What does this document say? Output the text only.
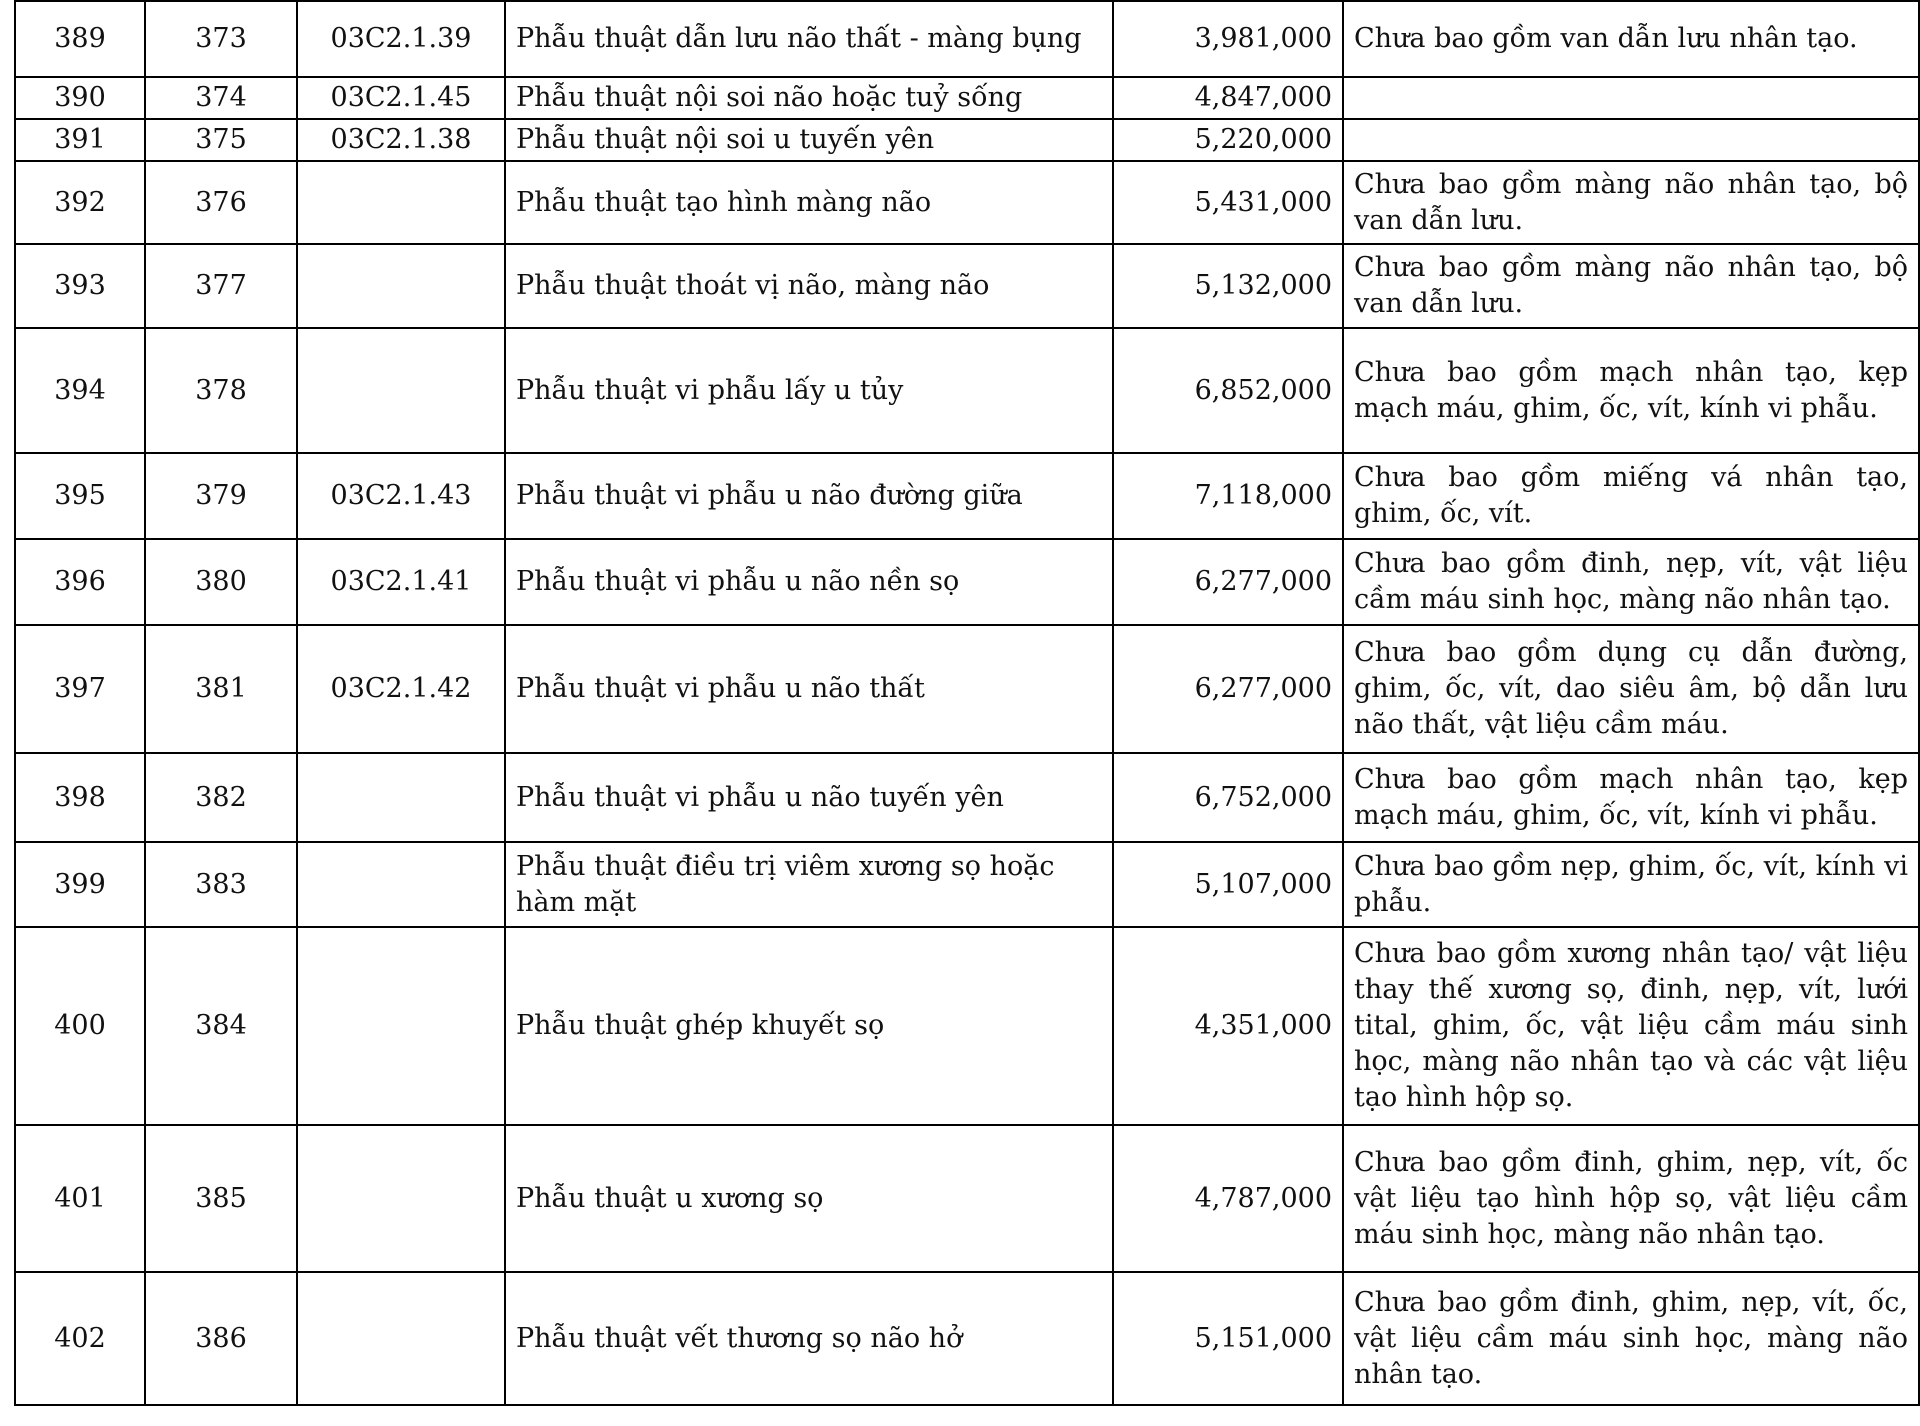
389	373	03C2.1.39	Phẫu thuật dẫn lưu não thất - màng bụng	3,981,000	Chưa bao gồm van dẫn lưu nhân tạo.
390	374	03C2.1.45	Phẫu thuật nội soi não hoặc tuỷ sống	4,847,000	
391	375	03C2.1.38	Phẫu thuật nội soi u tuyến yên	5,220,000	
392	376		Phẫu thuật tạo hình màng não	5,431,000	Chưa bao gồm màng não nhân tạo, bộ van dẫn lưu.
393	377		Phẫu thuật thoát vị não, màng não	5,132,000	Chưa bao gồm màng não nhân tạo, bộ van dẫn lưu.
394	378		Phẫu thuật vi phẫu lấy u tủy	6,852,000	Chưa bao gồm mạch nhân tạo, kẹp mạch máu, ghim, ốc, vít, kính vi phẫu.
395	379	03C2.1.43	Phẫu thuật vi phẫu u não đường giữa	7,118,000	Chưa bao gồm miếng vá nhân tạo, ghim, ốc, vít.
396	380	03C2.1.41	Phẫu thuật vi phẫu u não nền sọ	6,277,000	Chưa bao gồm đinh, nẹp, vít, vật liệu cầm máu sinh học, màng não nhân tạo.
397	381	03C2.1.42	Phẫu thuật vi phẫu u não thất	6,277,000	Chưa bao gồm dụng cụ dẫn đường, ghim, ốc, vít, dao siêu âm, bộ dẫn lưu não thất, vật liệu cầm máu.
398	382		Phẫu thuật vi phẫu u não tuyến yên	6,752,000	Chưa bao gồm mạch nhân tạo, kẹp mạch máu, ghim, ốc, vít, kính vi phẫu.
399	383		Phẫu thuật điều trị viêm xương sọ hoặc hàm mặt	5,107,000	Chưa bao gồm nẹp, ghim, ốc, vít, kính vi phẫu.
400	384		Phẫu thuật ghép khuyết sọ	4,351,000	Chưa bao gồm xương nhân tạo/ vật liệu thay thế xương sọ, đinh, nẹp, vít, lưới tital, ghim, ốc, vật liệu cầm máu sinh học, màng não nhân tạo và các vật liệu tạo hình hộp sọ.
401	385		Phẫu thuật u xương sọ	4,787,000	Chưa bao gồm đinh, ghim, nẹp, vít, ốc vật liệu tạo hình hộp sọ, vật liệu cầm máu sinh học, màng não nhân tạo.
402	386		Phẫu thuật vết thương sọ não hở	5,151,000	Chưa bao gồm đinh, ghim, nẹp, vít, ốc, vật liệu cầm máu sinh học, màng não nhân tạo.
